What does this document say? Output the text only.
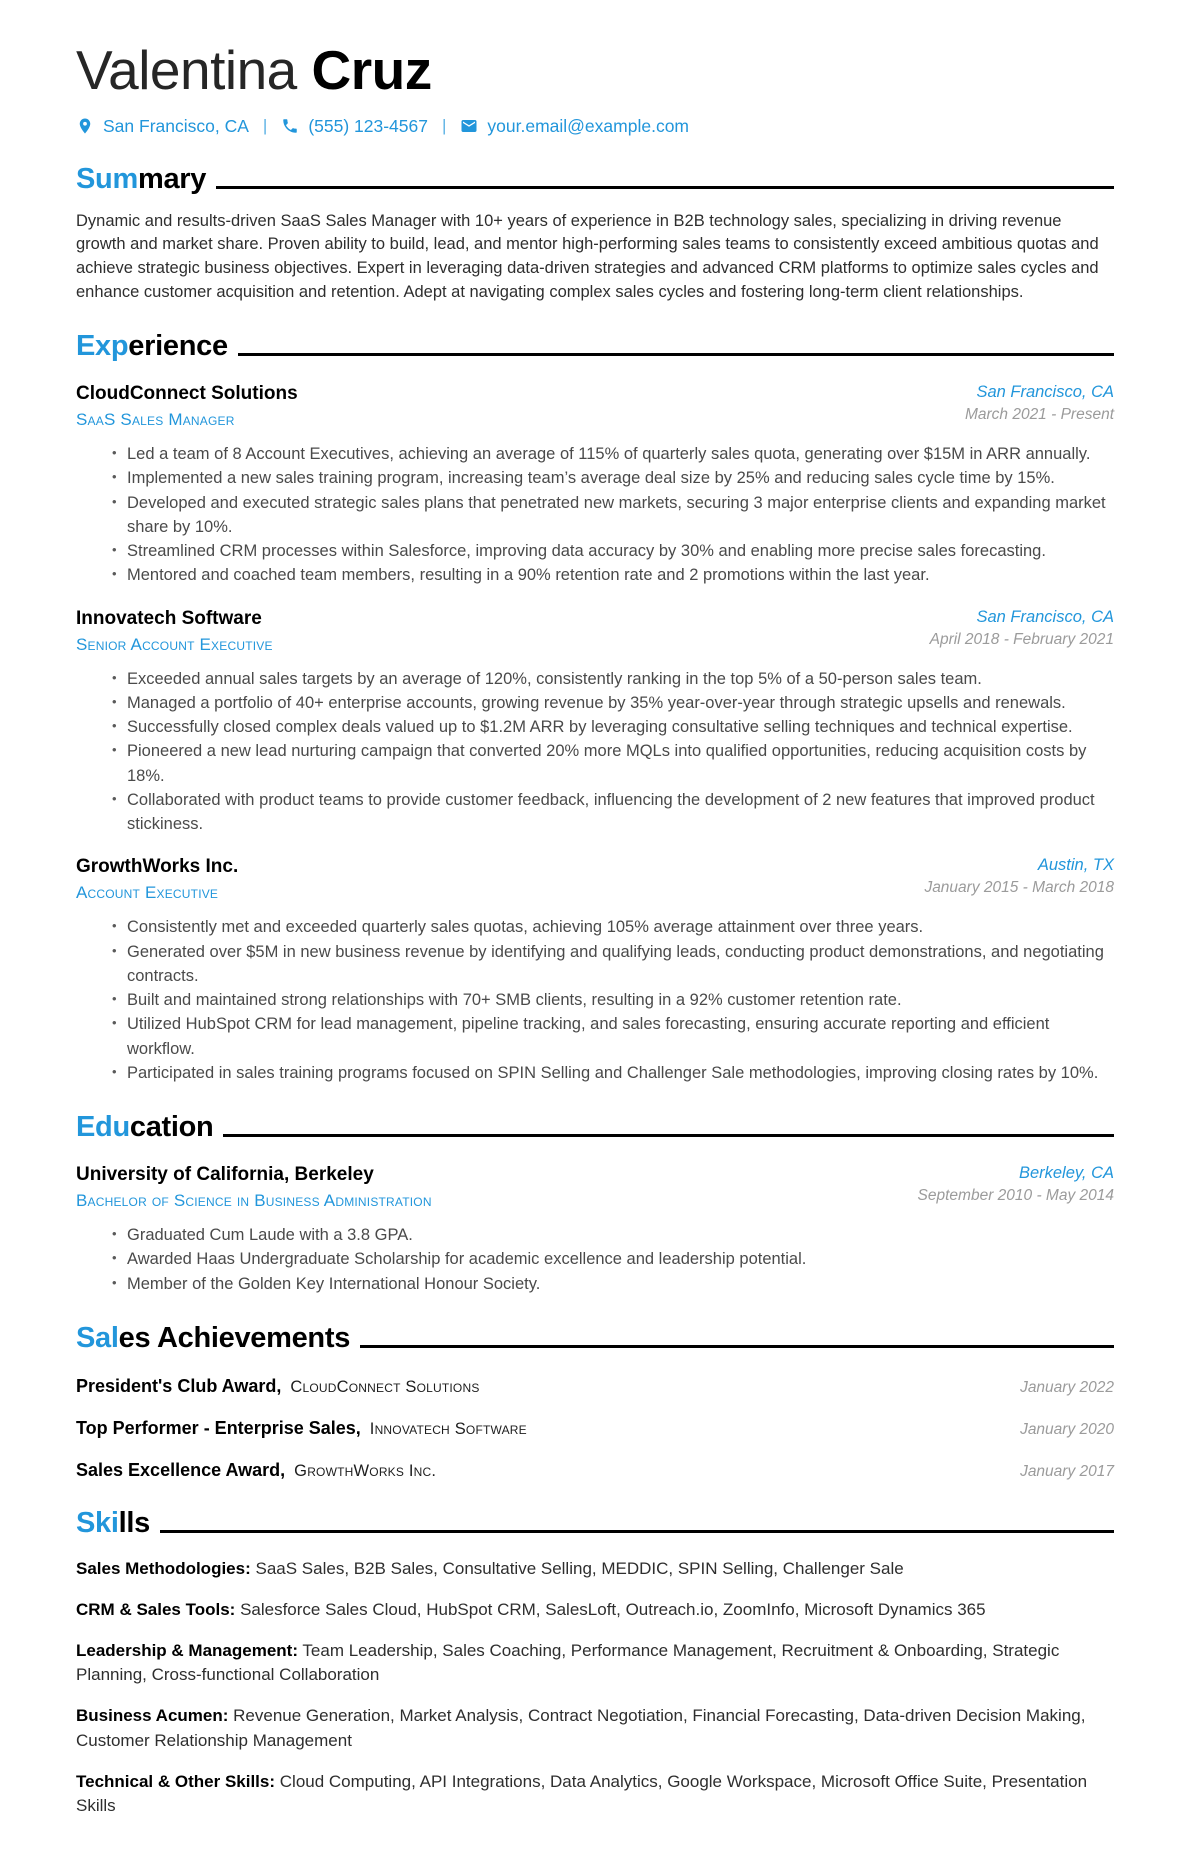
Valentina Cruz
San Francisco, CA | (555) 123-4567 | your.email@example.com
Sum mary

Dynamic and results-driven SaaS Sales Manager with 10+ years of experience in B2B technology sales, specializing in driving revenue growth and market share. Proven ability to build, lead, and mentor high-performing sales teams to consistently exceed ambitious quotas and achieve strategic business objectives. Expert in leveraging data-driven strategies and advanced CRM platforms to optimize sales cycles and enhance customer acquisition and retention. Adept at navigating complex sales cycles and fostering long-term client relationships.

Exp erience
CloudConnect Solutions
SaaS Sales Manager
San Francisco, CA
March 2021 - Present
• Led a team of 8 Account Executives, achieving an average of 115% of quarterly sales quota, generating over $15M in ARR annually.
• Implemented a new sales training program, increasing team’s average deal size by 25% and reducing sales cycle time by 15%.
• Developed and executed strategic sales plans that penetrated new markets, securing 3 major enterprise clients and expanding market share by 10%.
• Streamlined CRM processes within Salesforce, improving data accuracy by 30% and enabling more precise sales forecasting.
• Mentored and coached team members, resulting in a 90% retention rate and 2 promotions within the last year.
Innovatech Software
Senior Account Executive
San Francisco, CA
April 2018 - February 2021
• Exceeded annual sales targets by an average of 120%, consistently ranking in the top 5% of a 50-person sales team.
• Managed a portfolio of 40+ enterprise accounts, growing revenue by 35% year-over-year through strategic upsells and renewals.
• Successfully closed complex deals valued up to $1.2M ARR by leveraging consultative selling techniques and technical expertise.
• Pioneered a new lead nurturing campaign that converted 20% more MQLs into qualified opportunities, reducing acquisition costs by 18%.
• Collaborated with product teams to provide customer feedback, influencing the development of 2 new features that improved product stickiness.
GrowthWorks Inc.
Account Executive
Austin, TX
January 2015 - March 2018
• Consistently met and exceeded quarterly sales quotas, achieving 105% average attainment over three years.
• Generated over $5M in new business revenue by identifying and qualifying leads, conducting product demonstrations, and negotiating contracts.
• Built and maintained strong relationships with 70+ SMB clients, resulting in a 92% customer retention rate.
• Utilized HubSpot CRM for lead management, pipeline tracking, and sales forecasting, ensuring accurate reporting and efficient workflow.
• Participated in sales training programs focused on SPIN Selling and Challenger Sale methodologies, improving closing rates by 10%.
Edu cation
University of California, Berkeley
Bachelor of Science in Business Administration
Berkeley, CA
September 2010 - May 2014
• Graduated Cum Laude with a 3.8 GPA.
• Awarded Haas Undergraduate Scholarship for academic excellence and leadership potential.
• Member of the Golden Key International Honour Society.
Sal es Achievements
President's Club Award, CloudConnect Solutions	January 2022
Top Performer - Enterprise Sales, Innovatech Software	January 2020
Sales Excellence Award, GrowthWorks Inc.	January 2017
Ski lls
Sales Methodologies: SaaS Sales, B2B Sales, Consultative Selling, MEDDIC, SPIN Selling, Challenger Sale
CRM & Sales Tools: Salesforce Sales Cloud, HubSpot CRM, SalesLoft, Outreach.io, ZoomInfo, Microsoft Dynamics 365
Leadership & Management: Team Leadership, Sales Coaching, Performance Management, Recruitment & Onboarding, Strategic Planning, Cross-functional Collaboration
Business Acumen: Revenue Generation, Market Analysis, Contract Negotiation, Financial Forecasting, Data-driven Decision Making, Customer Relationship Management
Technical & Other Skills: Cloud Computing, API Integrations, Data Analytics, Google Workspace, Microsoft Office Suite, Presentation Skills
